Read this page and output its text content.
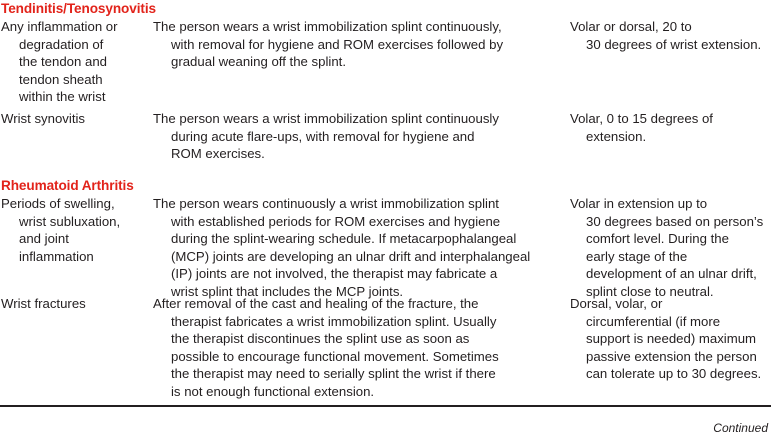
Tendinitis/Tenosynovitis
Any inflammation or
degradation of
the tendon and
tendon sheath
within the wrist
The person wears a wrist immobilization splint continuously,
with removal for hygiene and ROM exercises followed by
gradual weaning off the splint.
Volar or dorsal, 20 to
30 degrees of wrist extension.
Wrist synovitis	The person wears a wrist immobilization splint continuously
during acute flare-ups, with removal for hygiene and
ROM exercises.
Volar, 0 to 15 degrees of
extension.
Rheumatoid Arthritis
Periods of swelling,
wrist subluxation,
and joint
inflammation
The person wears continuously a wrist immobilization splint
with established periods for ROM exercises and hygiene
during the splint-wearing schedule. If metacarpophalangeal
(MCP) joints are developing an ulnar drift and interphalangeal
(IP) joints are not involved, the therapist may fabricate a
wrist splint that includes the MCP joints.
Volar in extension up to
30 degrees based on person’s
comfort level. During the
early stage of the
development of an ulnar drift,
splint close to neutral.
Wrist fractures	After removal of the cast and healing of the fracture, the
therapist fabricates a wrist immobilization splint. Usually
the therapist discontinues the splint use as soon as
possible to encourage functional movement. Sometimes
the therapist may need to serially splint the wrist if there
is not enough functional extension.
Dorsal, volar, or
circumferential (if more
support is needed) maximum
passive extension the person
can tolerate up to 30 degrees.
Continued
